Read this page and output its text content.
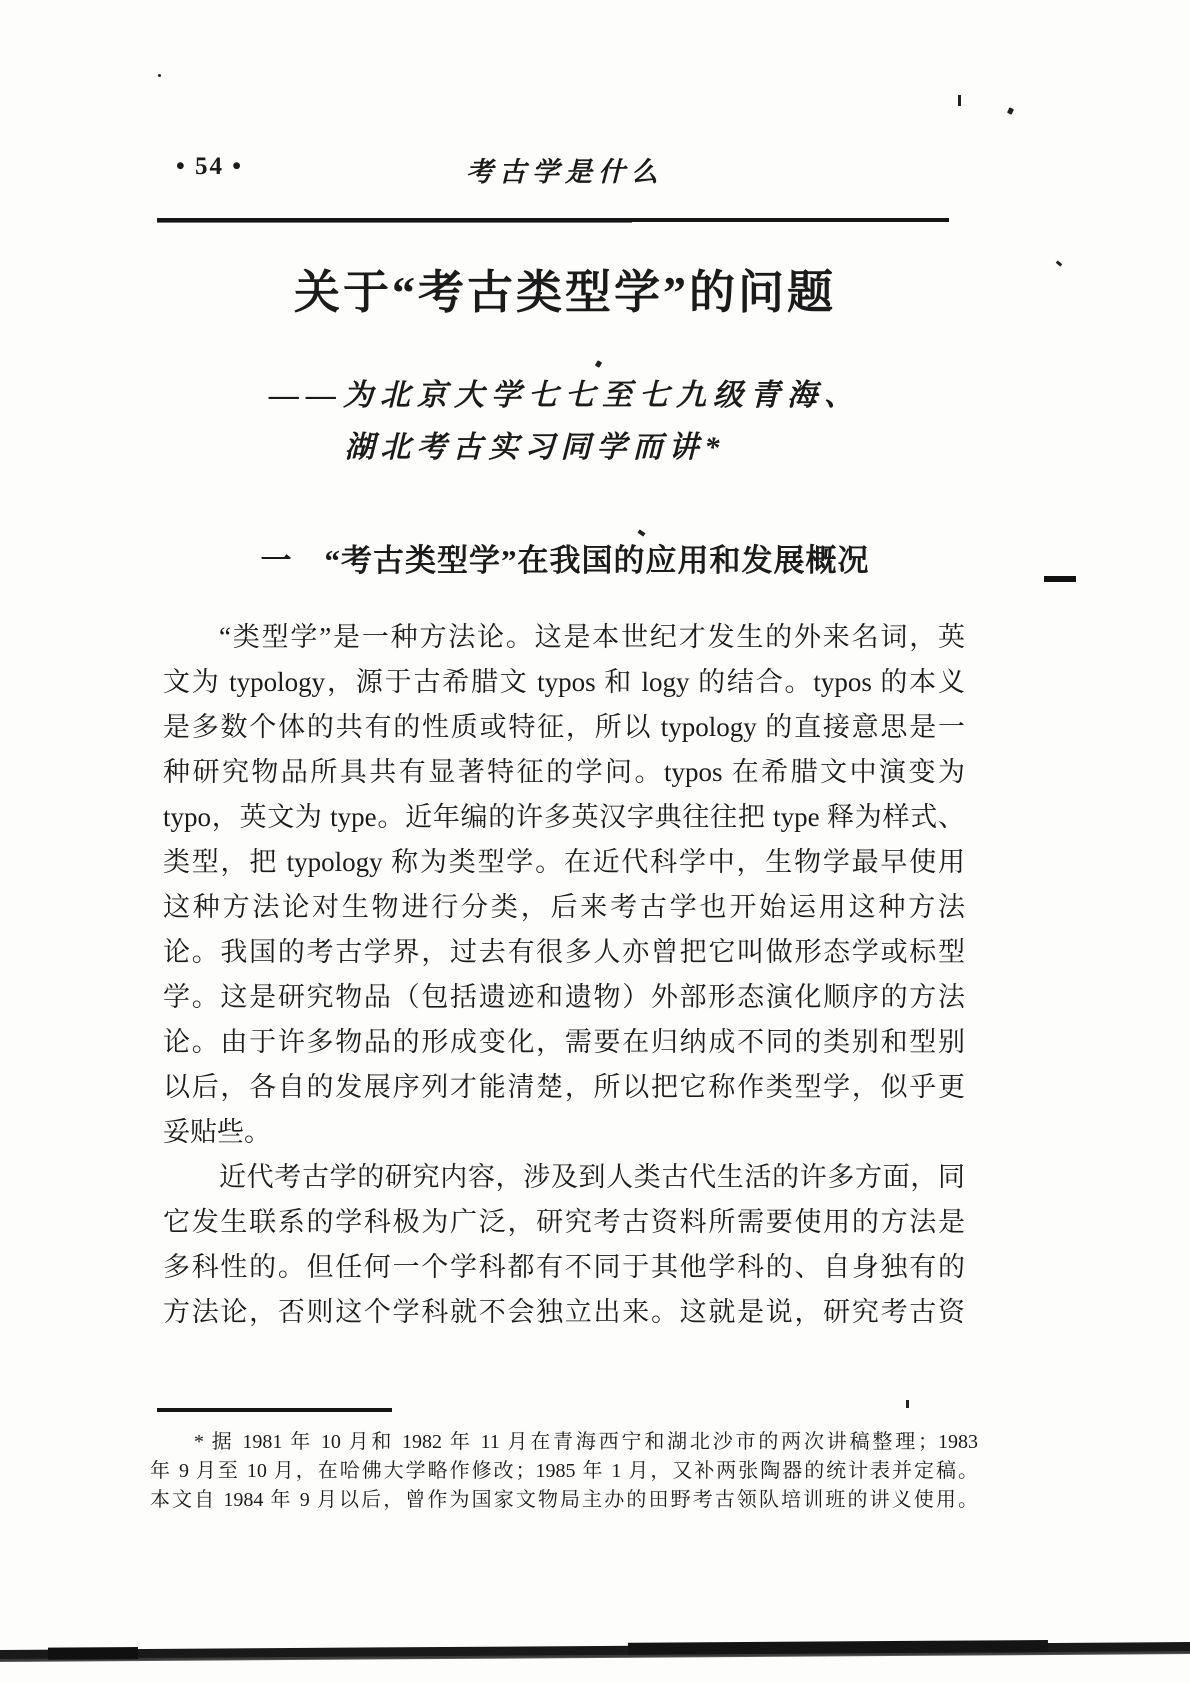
• 54 •	考古学是什么
关于“考古类型学”的问题
——为北京大学七七至七九级青海、
湖北考古实习同学而讲*
一　“考古类型学”在我国的应用和发展概况
“类型学”是一种方法论。这是本世纪才发生的外来名词，英
文为 typology，源于古希腊文 typos 和 logy 的结合。typos 的本义
是多数个体的共有的性质或特征，所以 typology 的直接意思是一
种研究物品所具共有显著特征的学问。typos 在希腊文中演变为
typo，英文为 type。近年编的许多英汉字典往往把 type 释为样式、
类型，把 typology 称为类型学。在近代科学中，生物学最早使用
这种方法论对生物进行分类，后来考古学也开始运用这种方法
论。我国的考古学界，过去有很多人亦曾把它叫做形态学或标型
学。这是研究物品（包括遗迹和遗物）外部形态演化顺序的方法
论。由于许多物品的形成变化，需要在归纳成不同的类别和型别
以后，各自的发展序列才能清楚，所以把它称作类型学，似乎更
妥贴些。
近代考古学的研究内容，涉及到人类古代生活的许多方面，同
它发生联系的学科极为广泛，研究考古资料所需要使用的方法是
多科性的。但任何一个学科都有不同于其他学科的、自身独有的
方法论，否则这个学科就不会独立出来。这就是说，研究考古资
* 据 1981 年 10 月和 1982 年 11 月在青海西宁和湖北沙市的两次讲稿整理；1983
年 9 月至 10 月，在哈佛大学略作修改；1985 年 1 月，又补两张陶器的统计表并定稿。
本文自 1984 年 9 月以后，曾作为国家文物局主办的田野考古领队培训班的讲义使用。
